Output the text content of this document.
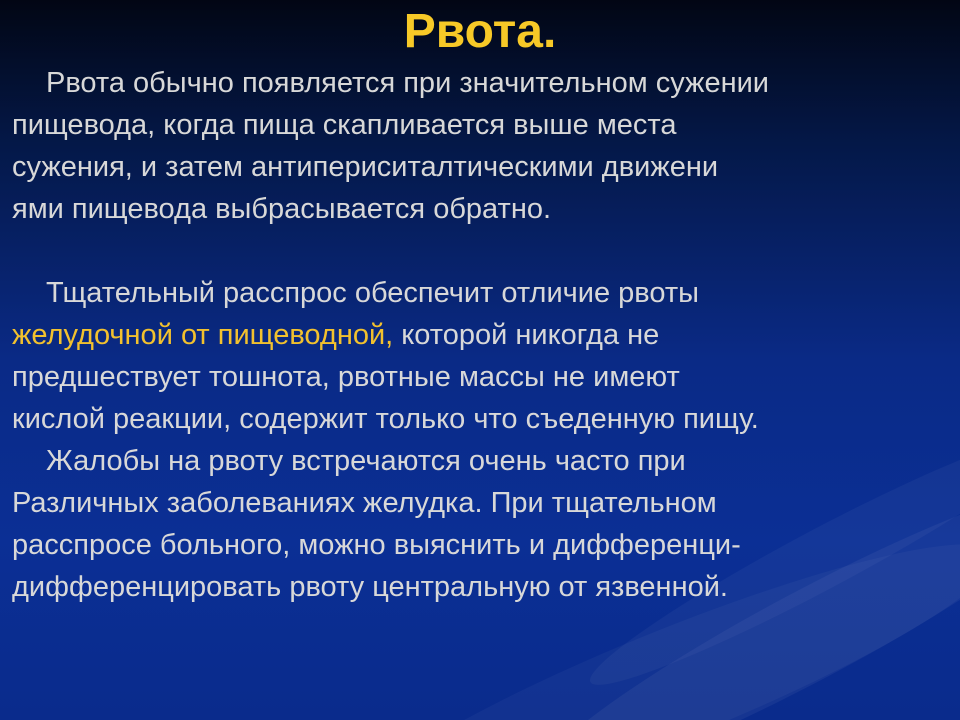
Рвота.
Рвота обычно появляется при значительном сужении
пищевода, когда пища скапливается выше места
сужения, и затем антипериситалтическими движени
ями пищевода выбрасывается обратно.
Тщательный расспрос обеспечит отличие рвоты
желудочной от пищеводной, которой никогда не
предшествует тошнота, рвотные массы не имеют
кислой реакции, содержит только что съеденную пищу.
Жалобы на рвоту встречаются очень часто при
Различных заболеваниях желудка. При тщательном
расспросе больного, можно выяснить и дифференци-
дифференцировать рвоту центральную от язвенной.
